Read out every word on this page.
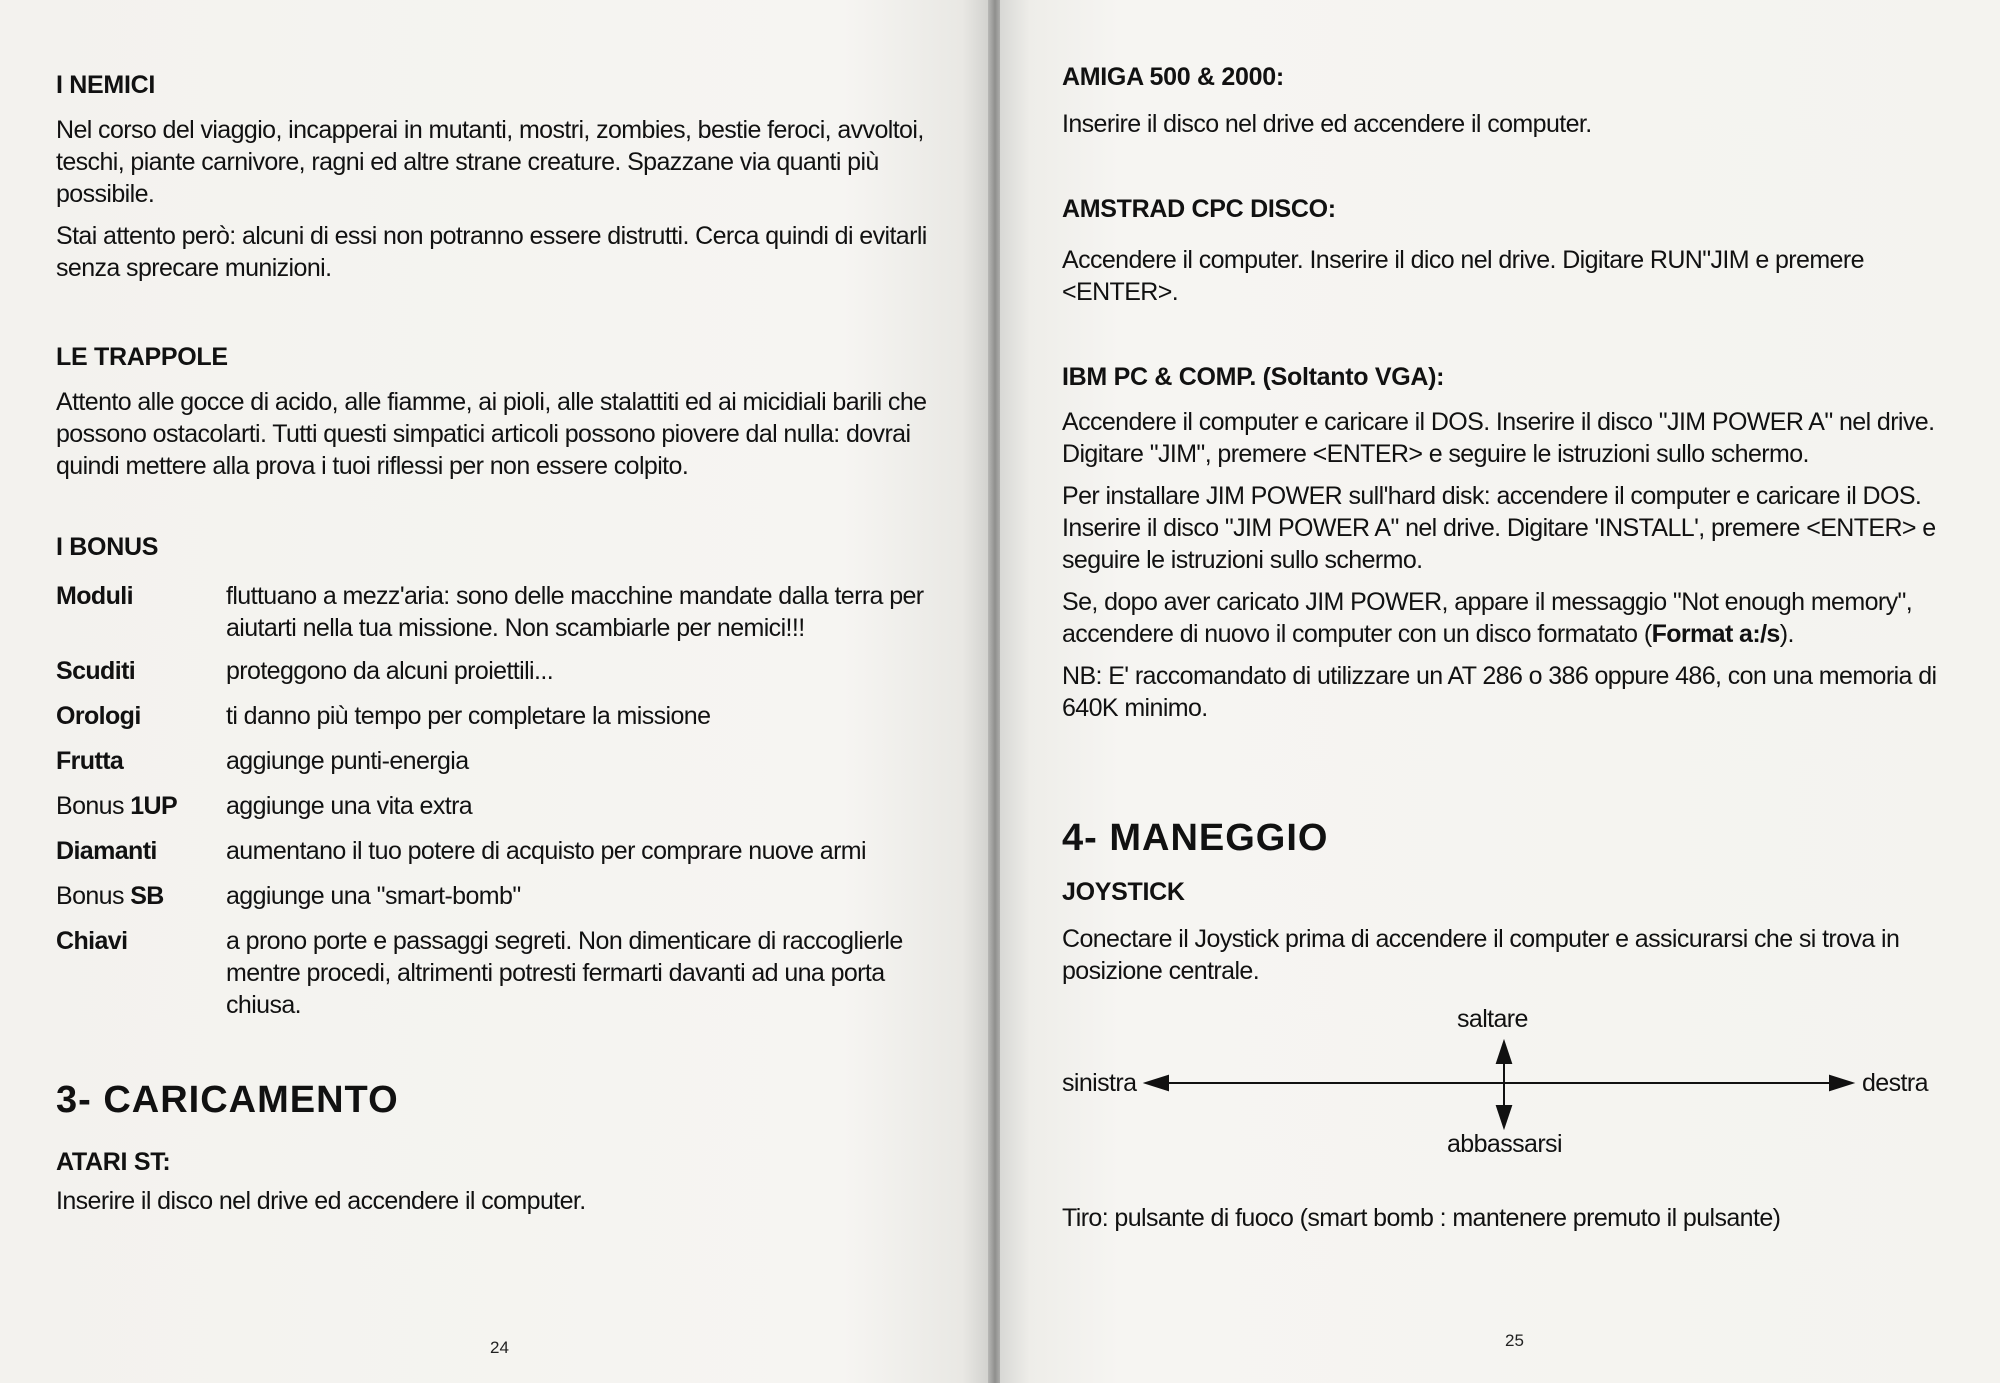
I NEMICI

Nel corso del viaggio, incapperai in mutanti, mostri, zombies, bestie feroci, avvoltoi, teschi, piante carnivore, ragni ed altre strane creature. Spazzane via quanti più possibile.

Stai attento però: alcuni di essi non potranno essere distrutti. Cerca quindi di evitarli senza sprecare munizioni.

LE TRAPPOLE

Attento alle gocce di acido, alle fiamme, ai pioli, alle stalattiti ed ai micidiali barili che possono ostacolarti. Tutti questi simpatici articoli possono piovere dal nulla: dovrai quindi mettere alla prova i tuoi riflessi per non essere colpito.

I BONUS
Moduli	fluttuano a mezz'aria: sono delle macchine mandate dalla terra per aiutarti nella tua missione. Non scambiarle per nemici!!!
Scuditi	proteggono da alcuni proiettili...
Orologi	ti danno più tempo per completare la missione
Frutta	aggiunge punti-energia
Bonus 1UP	aggiunge una vita extra
Diamanti	aumentano il tuo potere di acquisto per comprare nuove armi
Bonus SB	aggiunge una "smart-bomb"
Chiavi	a prono porte e passaggi segreti. Non dimenticare di raccoglierle mentre procedi, altrimenti potresti fermarti davanti ad una porta chiusa.
3- CARICAMENTO
ATARI ST:

Inserire il disco nel drive ed accendere il computer.

24
AMIGA 500 & 2000:

Inserire il disco nel drive ed accendere il computer.

AMSTRAD CPC DISCO:

Accendere il computer. Inserire il dico nel drive. Digitare RUN"JIM e premere <ENTER>.

IBM PC & COMP. (Soltanto VGA):

Accendere il computer e caricare il DOS. Inserire il disco "JIM POWER A" nel drive. Digitare "JIM", premere <ENTER> e seguire le istruzioni sullo schermo.

Per installare JIM POWER sull'hard disk: accendere il computer e caricare il DOS. Inserire il disco "JIM POWER A" nel drive. Digitare 'INSTALL', premere <ENTER> e seguire le istruzioni sullo schermo.

Se, dopo aver caricato JIM POWER, appare il messaggio "Not enough memory", accendere di nuovo il computer con un disco formatato (Format a:/s).

NB: E' raccomandato di utilizzare un AT 286 o 386 oppure 486, con una memoria di 640K minimo.

4- MANEGGIO
JOYSTICK

Conectare il Joystick prima di accendere il computer e assicurarsi che si trova in posizione centrale.

saltare
sinistra	destra
abbassarsi

Tiro: pulsante di fuoco (smart bomb : mantenere premuto il pulsante)

25
